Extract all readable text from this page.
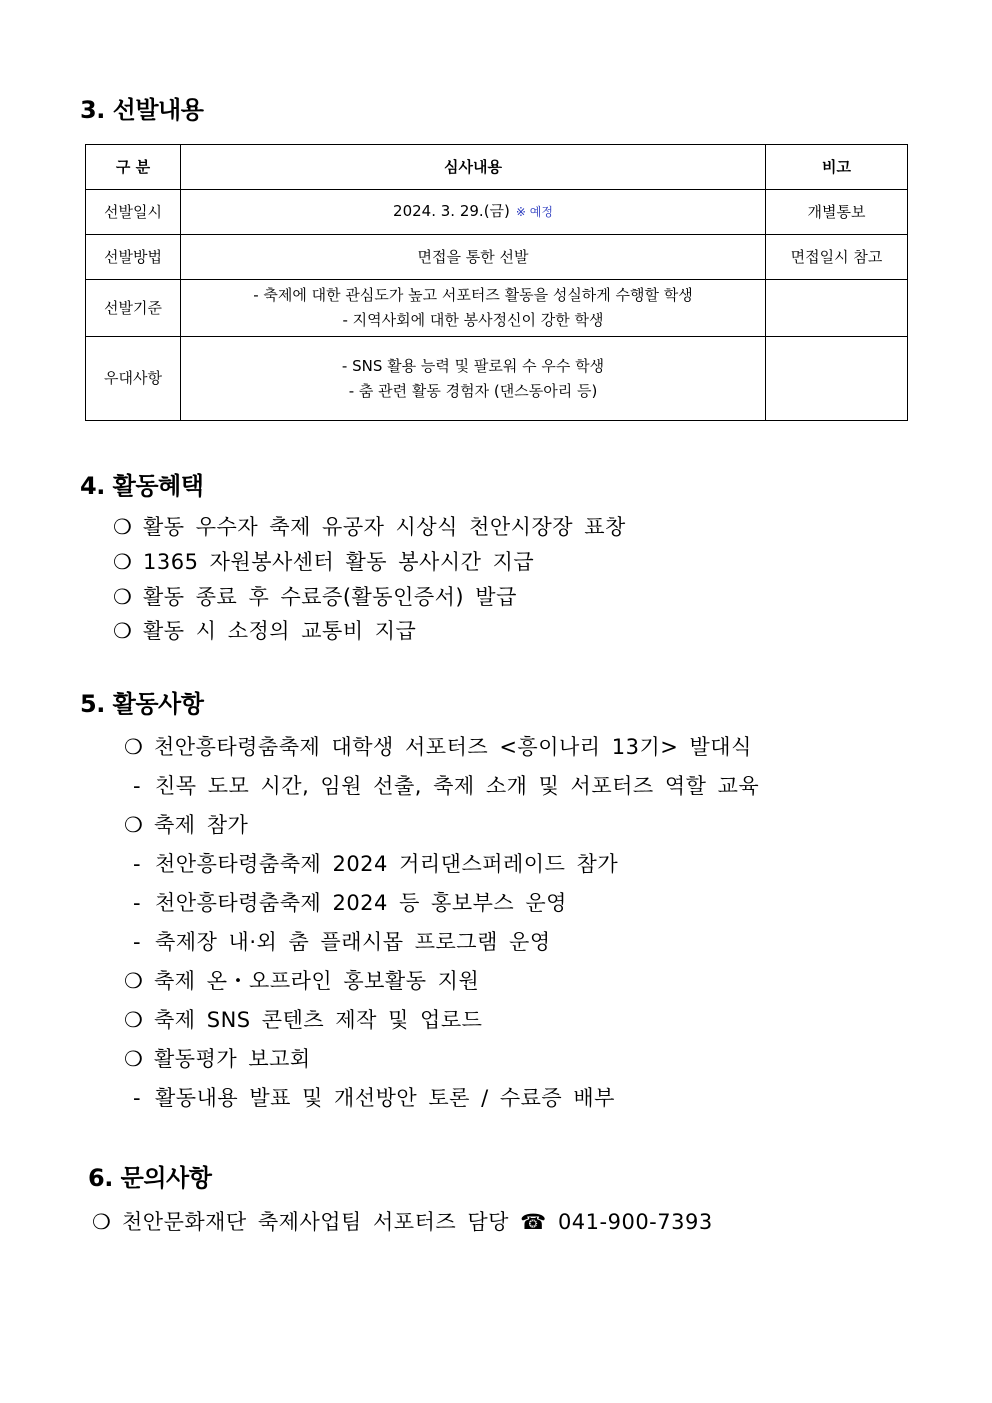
3. 선발내용
구 분	심사내용	비고
선발일시	2024. 3. 29.(금) ※ 예정	개별통보
선발방법	면접을 통한 선발	면접일시 참고
선발기준	- 축제에 대한 관심도가 높고 서포터즈 활동을 성실하게 수행할 학생
- 지역사회에 대한 봉사정신이 강한 학생	

우대사항	- SNS 활용 능력 및 팔로워 수 우수 학생
- 춤 관련 활동 경험자 (댄스동아리 등)	

4. 활동혜택
❍ 활동 우수자 축제 유공자 시상식 천안시장장 표창
❍ 1365 자원봉사센터 활동 봉사시간 지급
❍ 활동 종료 후 수료증(활동인증서) 발급
❍ 활동 시 소정의 교통비 지급
5. 활동사항
❍ 천안흥타령춤축제 대학생 서포터즈 <흥이나리 13기> 발대식
- 친목 도모 시간, 임원 선출, 축제 소개 및 서포터즈 역할 교육
❍ 축제 참가
- 천안흥타령춤축제 2024 거리댄스퍼레이드 참가
- 천안흥타령춤축제 2024 등 홍보부스 운영
- 축제장 내·외 춤 플래시몹 프로그램 운영
❍ 축제 온・오프라인 홍보활동 지원
❍ 축제 SNS 콘텐츠 제작 및 업로드
❍ 활동평가 보고회
- 활동내용 발표 및 개선방안 토론 / 수료증 배부
6. 문의사항
❍ 천안문화재단 축제사업팀 서포터즈 담당 ☎ 041-900-7393
